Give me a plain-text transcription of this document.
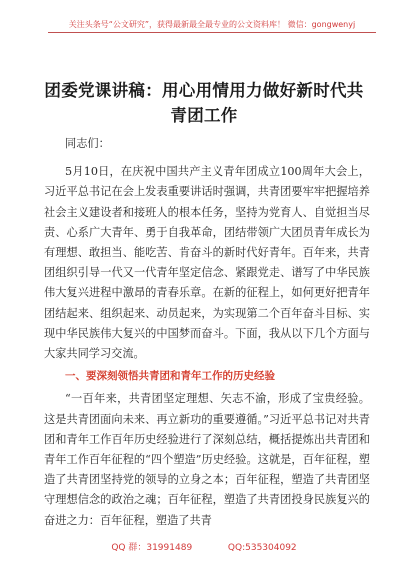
关注头条号“公文研究”，获得最新最全最专业的公文资料库！ 微信：gongwenyj
团委党课讲稿：用心用情用力做好新时代共青团工作

同志们：

5月10日，在庆祝中国共产主义青年团成立100周年大会上，习近平总书记在会上发表重要讲话时强调，共青团要牢牢把握培养社会主义建设者和接班人的根本任务，坚持为党育人、自觉担当尽责、心系广大青年、勇于自我革命，团结带领广大团员青年成长为有理想、敢担当、能吃苦、肯奋斗的新时代好青年。百年来，共青团组织引导一代又一代青年坚定信念、紧跟党走、谱写了中华民族伟大复兴进程中激昂的青春乐章。在新的征程上，如何更好把青年团结起来、组织起来、动员起来，为实现第二个百年奋斗目标、实现中华民族伟大复兴的中国梦而奋斗。下面，我从以下几个方面与大家共同学习交流。

一、要深刻领悟共青团和青年工作的历史经验

“一百年来，共青团坚定理想、矢志不渝，形成了宝贵经验。这是共青团面向未来、再立新功的重要遵循。”习近平总书记对共青团和青年工作百年历史经验进行了深刻总结，概括提炼出共青团和青年工作百年征程的“四个塑造”历史经验。这就是，百年征程，塑造了共青团坚持党的领导的立身之本；百年征程，塑造了共青团坚守理想信念的政治之魂；百年征程，塑造了共青团投身民族复兴的奋进之力：百年征程，塑造了共青

QQ 群：31991489	QQ:535304092
